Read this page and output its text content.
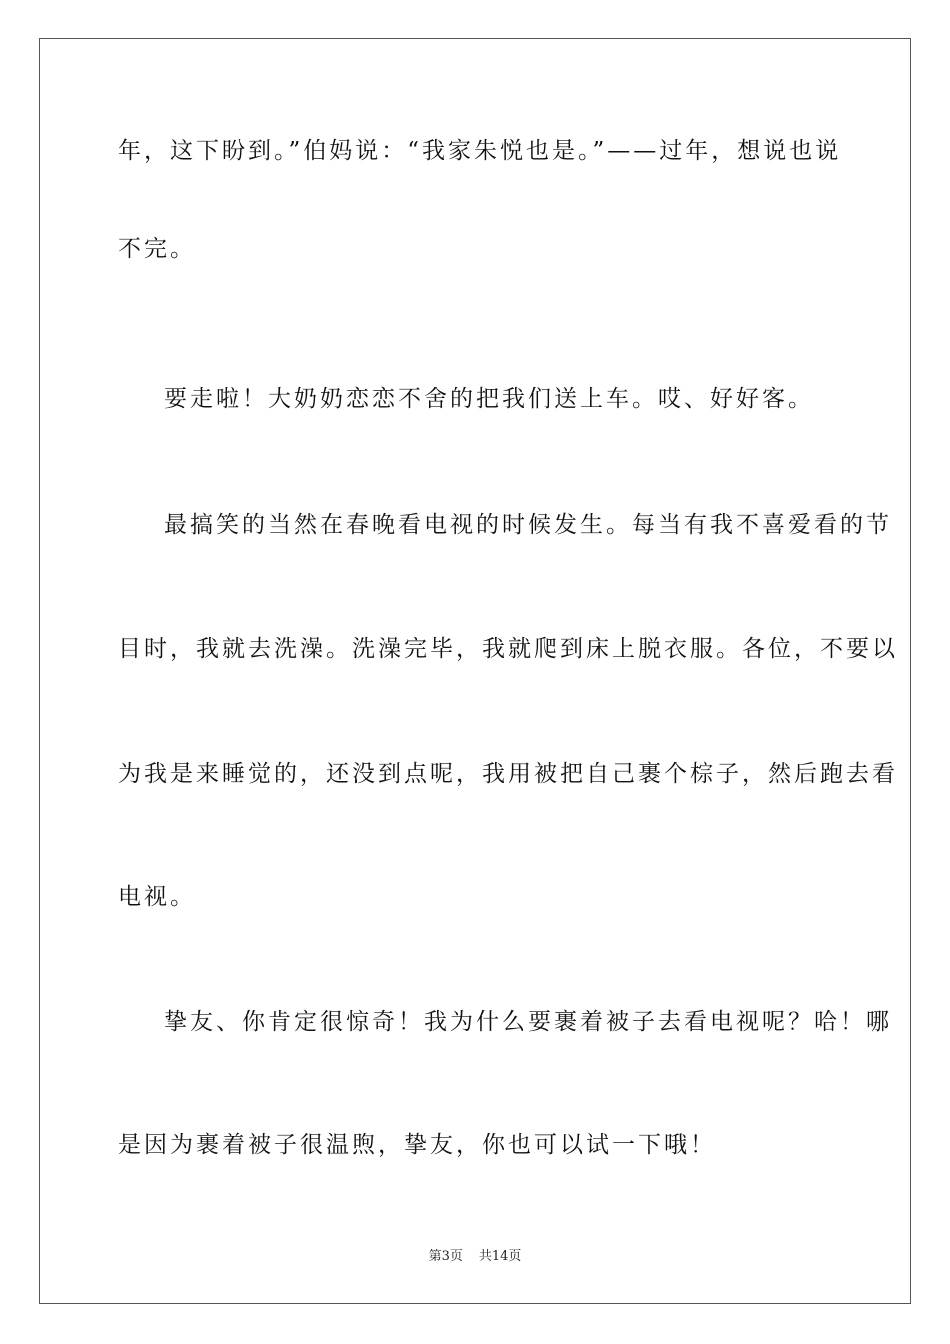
年，这下盼到。”伯妈说：“我家朱悦也是。”——过年，想说也说
不完。
要走啦！大奶奶恋恋不舍的把我们送上车。哎、好好客。
最搞笑的当然在春晚看电视的时候发生。每当有我不喜爱看的节
目时，我就去洗澡。洗澡完毕，我就爬到床上脱衣服。各位，不要以
为我是来睡觉的，还没到点呢，我用被把自己裹个棕子，然后跑去看
电视。
挚友、你肯定很惊奇！我为什么要裹着被子去看电视呢？哈！哪
是因为裹着被子很温煦，挚友，你也可以试一下哦！
第3页 共14页
